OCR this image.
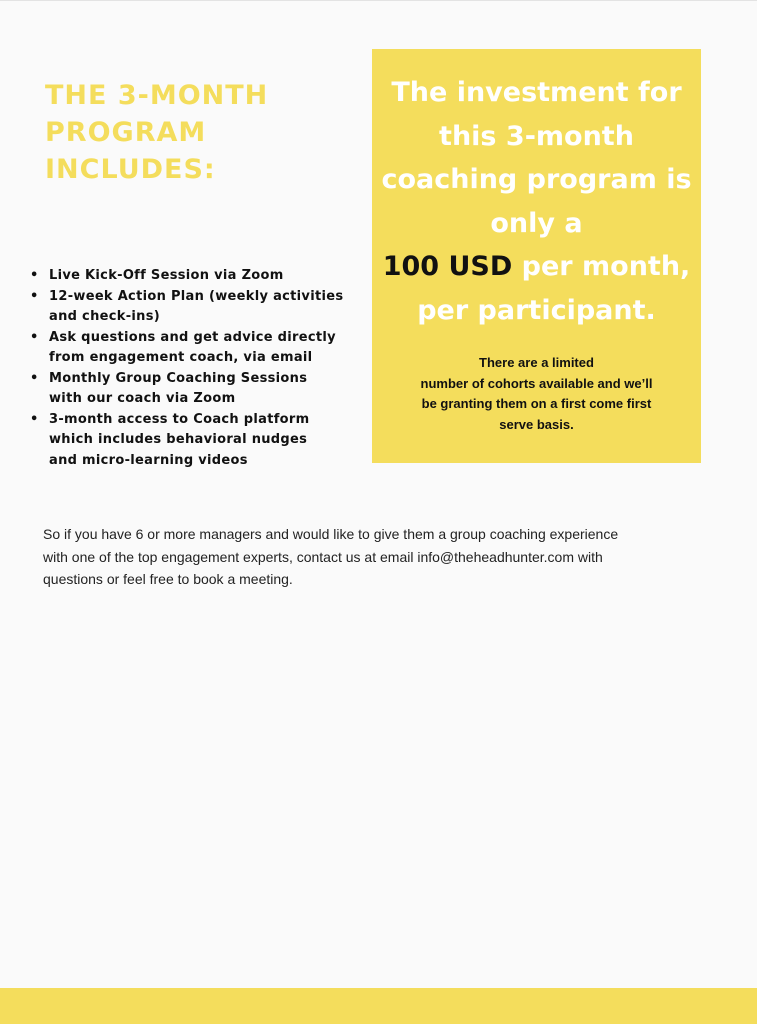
THE 3-MONTH
PROGRAM
INCLUDES:
• Live Kick-Off Session via Zoom
• 12-week Action Plan (weekly activities
and check-ins)
• Ask questions and get advice directly
from engagement coach, via email
• Monthly Group Coaching Sessions
with our coach via Zoom
• 3-month access to Coach platform
which includes behavioral nudges
and micro-learning videos
The investment for
this 3-month
coaching program is
only a
100 USD per month,
per participant.
There are a limited
number of cohorts available and we’ll
be granting them on a first come first
serve basis.
So if you have 6 or more managers and would like to give them a group coaching experience
with one of the top engagement experts, contact us at email info@theheadhunter.com with
questions or feel free to book a meeting.
